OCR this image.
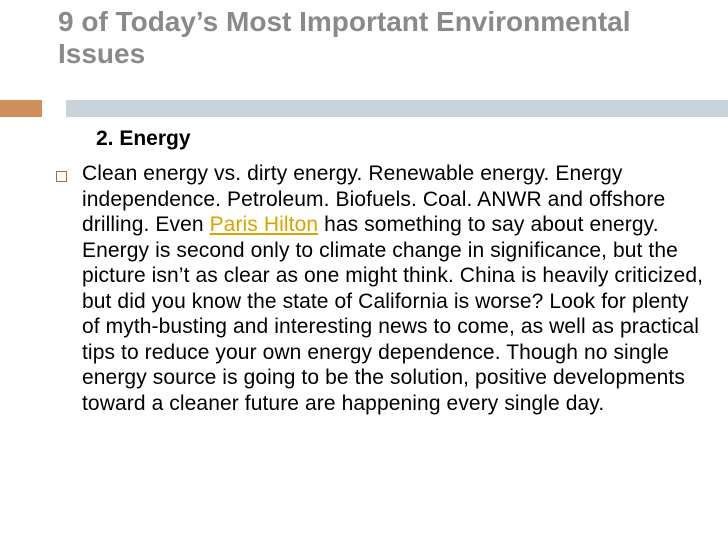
9 of Today’s Most Important Environmental Issues
2. Energy
Clean energy vs. dirty energy. Renewable energy. Energy independence. Petroleum. Biofuels. Coal. ANWR and offshore drilling. Even Paris Hilton has something to say about energy. Energy is second only to climate change in significance, but the picture isn’t as clear as one might think. China is heavily criticized, but did you know the state of California is worse? Look for plenty of myth-busting and interesting news to come, as well as practical tips to reduce your own energy dependence. Though no single energy source is going to be the solution, positive developments toward a cleaner future are happening every single day.
